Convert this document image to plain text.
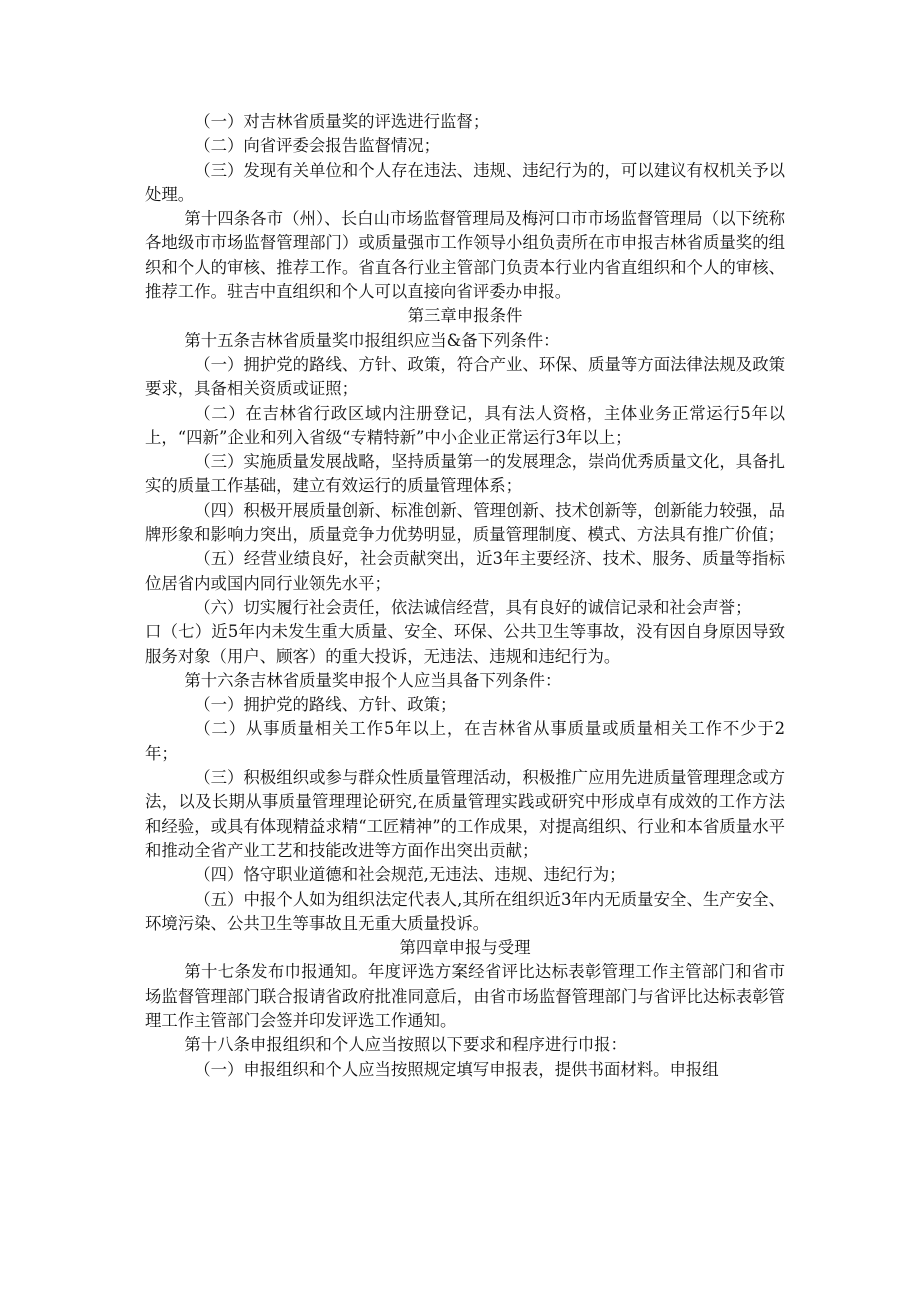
（一）对吉林省质量奖的评选进行监督；

（二）向省评委会报告监督情况；

（三）发现有关单位和个人存在违法、违规、违纪行为的，可以建议有权机关予以处理。

第十四条各市（州）、长白山市场监督管理局及梅河口市市场监督管理局（以下统称各地级市市场监督管理部门）或质量强市工作领导小组负责所在市申报吉林省质量奖的组织和个人的审核、推荐工作。省直各行业主管部门负责本行业内省直组织和个人的审核、推荐工作。驻吉中直组织和个人可以直接向省评委办申报。

第三章申报条件

第十五条吉林省质量奖巾报组织应当&备下列条件：

（一）拥护党的路线、方针、政策，符合产业、环保、质量等方面法律法规及政策要求，具备相关资质或证照；

（二）在吉林省行政区域内注册登记，具有法人资格，主体业务正常运行5年以上，“四新”企业和列入省级“专精特新”中小企业正常运行3年以上；

（三）实施质量发展战略，坚持质量第一的发展理念，崇尚优秀质量文化，具备扎实的质量工作基础，建立有效运行的质量管理体系；

（四）积极开展质量创新、标准创新、管理创新、技术创新等，创新能力较强，品牌形象和影响力突出，质量竞争力优势明显，质量管理制度、模式、方法具有推广价值；

（五）经营业绩良好，社会贡献突出，近3年主要经济、技术、服务、质量等指标位居省内或国内同行业领先水平；

（六）切实履行社会责任，依法诚信经营，具有良好的诚信记录和社会声誉；

口（七）近5年内未发生重大质量、安全、环保、公共卫生等事故，没有因自身原因导致服务对象（用户、顾客）的重大投诉，无违法、违规和违纪行为。

第十六条吉林省质量奖申报个人应当具备下列条件：

（一）拥护党的路线、方针、政策；

（二）从事质量相关工作5年以上，在吉林省从事质量或质量相关工作不少于2年；

（三）积极组织或参与群众性质量管理活动，积极推广应用先进质量管理理念或方法，以及长期从事质量管理理论研究,在质量管理实践或研究中形成卓有成效的工作方法和经验，或具有体现精益求精“工匠精神”的工作成果，对提高组织、行业和本省质量水平和推动全省产业工艺和技能改进等方面作出突出贡献；

（四）恪守职业道德和社会规范,无违法、违规、违纪行为；

（五）中报个人如为组织法定代表人,其所在组织近3年内无质量安全、生产安全、环境污染、公共卫生等事故且无重大质量投诉。

第四章申报与受理

第十七条发布巾报通知。年度评选方案经省评比达标表彰管理工作主管部门和省市场监督管理部门联合报请省政府批准同意后，由省市场监督管理部门与省评比达标表彰管理工作主管部门会签并印发评选工作通知。

第十八条申报组织和个人应当按照以下要求和程序进行巾报：

（一）申报组织和个人应当按照规定填写申报表，提供书面材料。申报组
